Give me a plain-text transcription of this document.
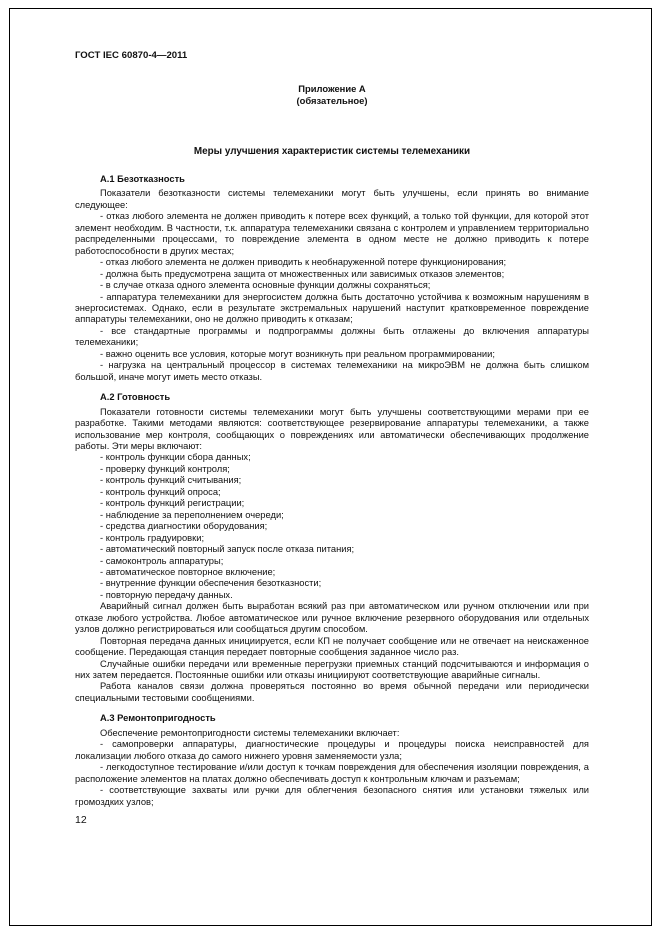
ГОСТ IEC 60870-4—2011
Приложение А
(обязательное)
Меры улучшения характеристик системы телемеханики

А.1 Безотказность

Показатели безотказности системы телемеханики могут быть улучшены, если принять во внимание следующее:

- отказ любого элемента не должен приводить к потере всех функций, а только той функции, для которой этот элемент необходим. В частности, т.к. аппаратура телемеханики связана с контролем и управлением территориально распределенными процессами, то повреждение элемента в одном месте не должно приводить к потере работоспособности в других местах;

- отказ любого элемента не должен приводить к необнаруженной потере функционирования;

- должна быть предусмотрена защита от множественных или зависимых отказов элементов;

- в случае отказа одного элемента основные функции должны сохраняться;

- аппаратура телемеханики для энергосистем должна быть достаточно устойчива к возможным нарушениям в энергосистемах. Однако, если в результате экстремальных нарушений наступит кратковременное повреждение аппаратуры телемеханики, оно не должно приводить к отказам;

- все стандартные программы и подпрограммы должны быть отлажены до включения аппаратуры телемеханики;

- важно оценить все условия, которые могут возникнуть при реальном программировании;

- нагрузка на центральный процессор в системах телемеханики на микроЭВМ не должна быть слишком большой, иначе могут иметь место отказы.

А.2 Готовность

Показатели готовности системы телемеханики могут быть улучшены соответствующими мерами при ее разработке. Такими методами являются: соответствующее резервирование аппаратуры телемеханики, а также использование мер контроля, сообщающих о повреждениях или автоматически обеспечивающих продолжение работы. Эти меры включают:

- контроль функции сбора данных;

- проверку функций контроля;

- контроль функций считывания;

- контроль функций опроса;

- контроль функций регистрации;

- наблюдение за переполнением очереди;

- средства диагностики оборудования;

- контроль градуировки;

- автоматический повторный запуск после отказа питания;

- самоконтроль аппаратуры;

- автоматическое повторное включение;

- внутренние функции обеспечения безотказности;

- повторную передачу данных.

Аварийный сигнал должен быть выработан всякий раз при автоматическом или ручном отключении или при отказе любого устройства. Любое автоматическое или ручное включение резервного оборудования или отдельных узлов должно регистрироваться или сообщаться другим способом.

Повторная передача данных инициируется, если КП не получает сообщение или не отвечает на неискаженное сообщение. Передающая станция передает повторные сообщения заданное число раз.

Случайные ошибки передачи или временные перегрузки приемных станций подсчитываются и информация о них затем передается. Постоянные ошибки или отказы инициируют соответствующие аварийные сигналы.

Работа каналов связи должна проверяться постоянно во время обычной передачи или периодически специальными тестовыми сообщениями.

А.3 Ремонтопригодность

Обеспечение ремонтопригодности системы телемеханики включает:

- самопроверки аппаратуры, диагностические процедуры и процедуры поиска неисправностей для локализации любого отказа до самого нижнего уровня заменяемости узла;

- легкодоступное тестирование и/или доступ к точкам повреждения для обеспечения изоляции повреждения, а расположение элементов на платах должно обеспечивать доступ к контрольным ключам и разъемам;

- соответствующие захваты или ручки для облегчения безопасного снятия или установки тяжелых или громоздких узлов;

12
